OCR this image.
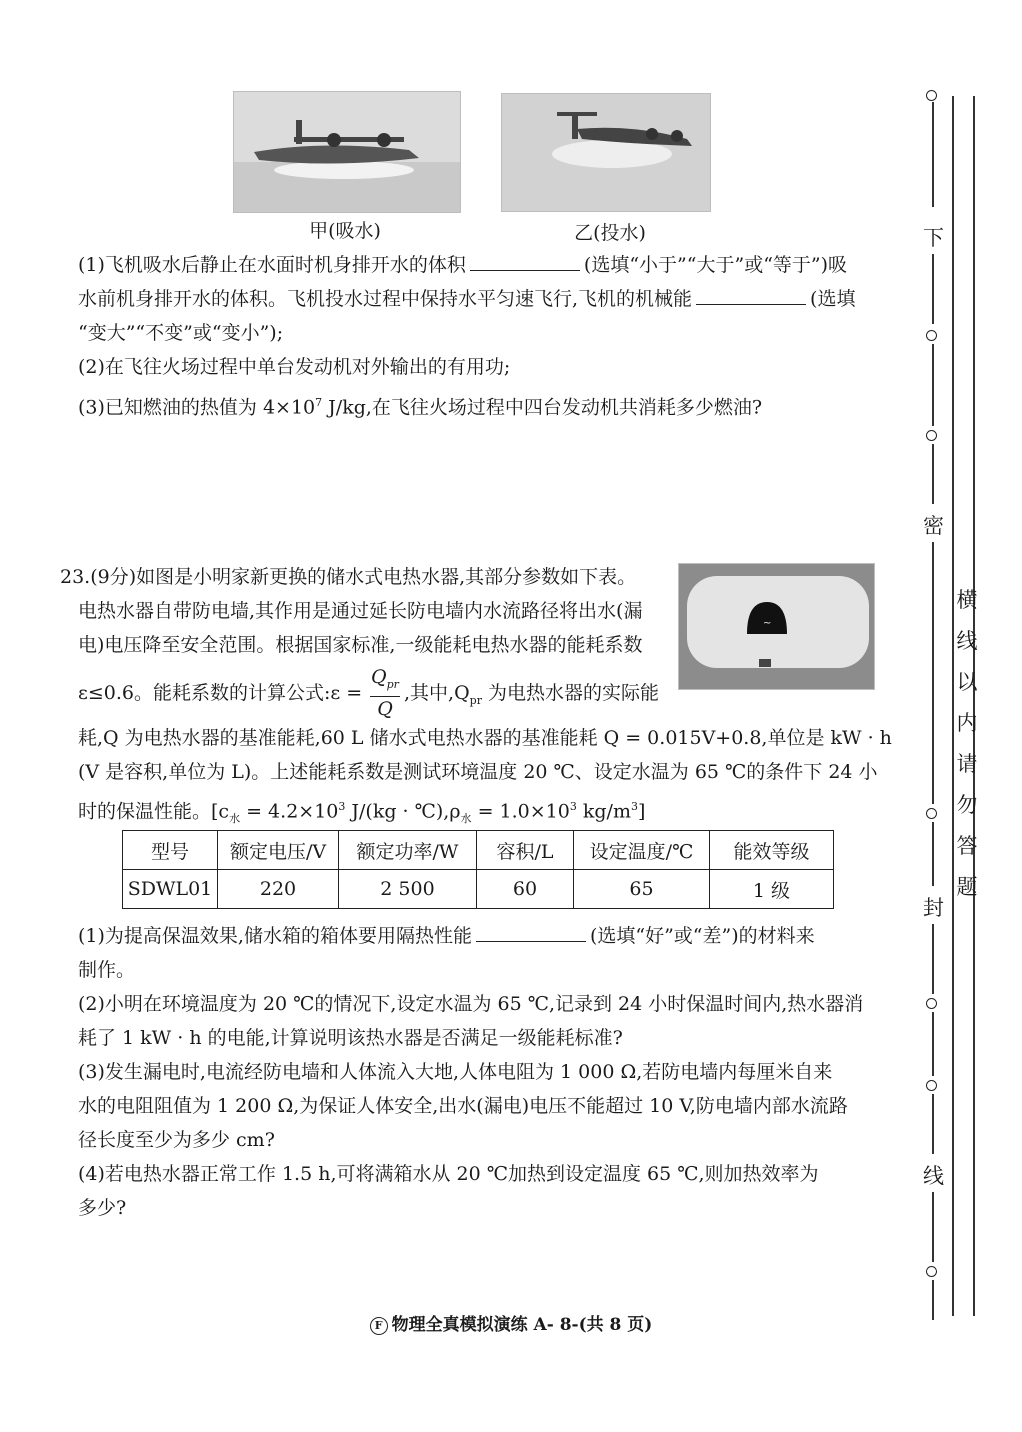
甲(吸水)	乙(投水)
(1)飞机吸水后静止在水面时机身排开水的体积	(选填“小于”“大于”或“等于”)吸
水前机身排开水的体积。飞机投水过程中保持水平匀速飞行,飞机的机械能	(选填
“变大”“不变”或“变小”);
(2)在飞往火场过程中单台发动机对外输出的有用功;
(3)已知燃油的热值为 $4\times 10^7$ J/kg,在飞往火场过程中四台发动机共消耗多少燃油?
23.(9分)如图是小明家新更换的储水式电热水器,其部分参数如下表。
电热水器自带防电墙,其作用是通过延长防电墙内水流路径将出水(漏
电)电压降至安全范围。根据国家标准,一级能耗电热水器的能耗系数
~
ε≤0.6。能耗系数的计算公式:ε =
$Q_{pr}$
Q
,其中$,Q_{pr}$ 为电热水器的实际能
耗,Q 为电热水器的基准能耗,60 L 储水式电热水器的基准能耗 Q = 0.015V+0.8,单位是 kW · h
(V 是容积,单位为 L)。上述能耗系数是测试环境温度 20 ℃、设定水温为 65 ℃的条件下 24 小
时的保温性能。[$c_水 = 4.2\times 10^3$ $J/(kg \cdot ℃),\rho_水 = 1.0\times 10^3$ $kg/m^3$]
型号	额定电压/V	额定功率/W	容积/L	设定温度/℃	能效等级
SDWL01	220	2 500	60	65	1 级
(1)为提高保温效果,储水箱的箱体要用隔热性能	(选填“好”或“差”)的材料来
制作。
(2)小明在环境温度为 20 ℃的情况下,设定水温为 65 ℃,记录到 24 小时保温时间内,热水器消
耗了 1 kW · h 的电能,计算说明该热水器是否满足一级能耗标准?
(3)发生漏电时,电流经防电墙和人体流入大地,人体电阻为 1 000 Ω,若防电墙内每厘米自来
水的电阻阻值为 1 200 Ω,为保证人体安全,出水(漏电)电压不能超过 10 V,防电墙内部水流路
径长度至少为多少 cm?
(4)若电热水器正常工作 1.5 h,可将满箱水从 20 ℃加热到设定温度 65 ℃,则加热效率为
多少?
下
密
封
线
横
线
以
内
请
勿
答
题
F 物理全真模拟演练 A- 8-(共 8 页)
